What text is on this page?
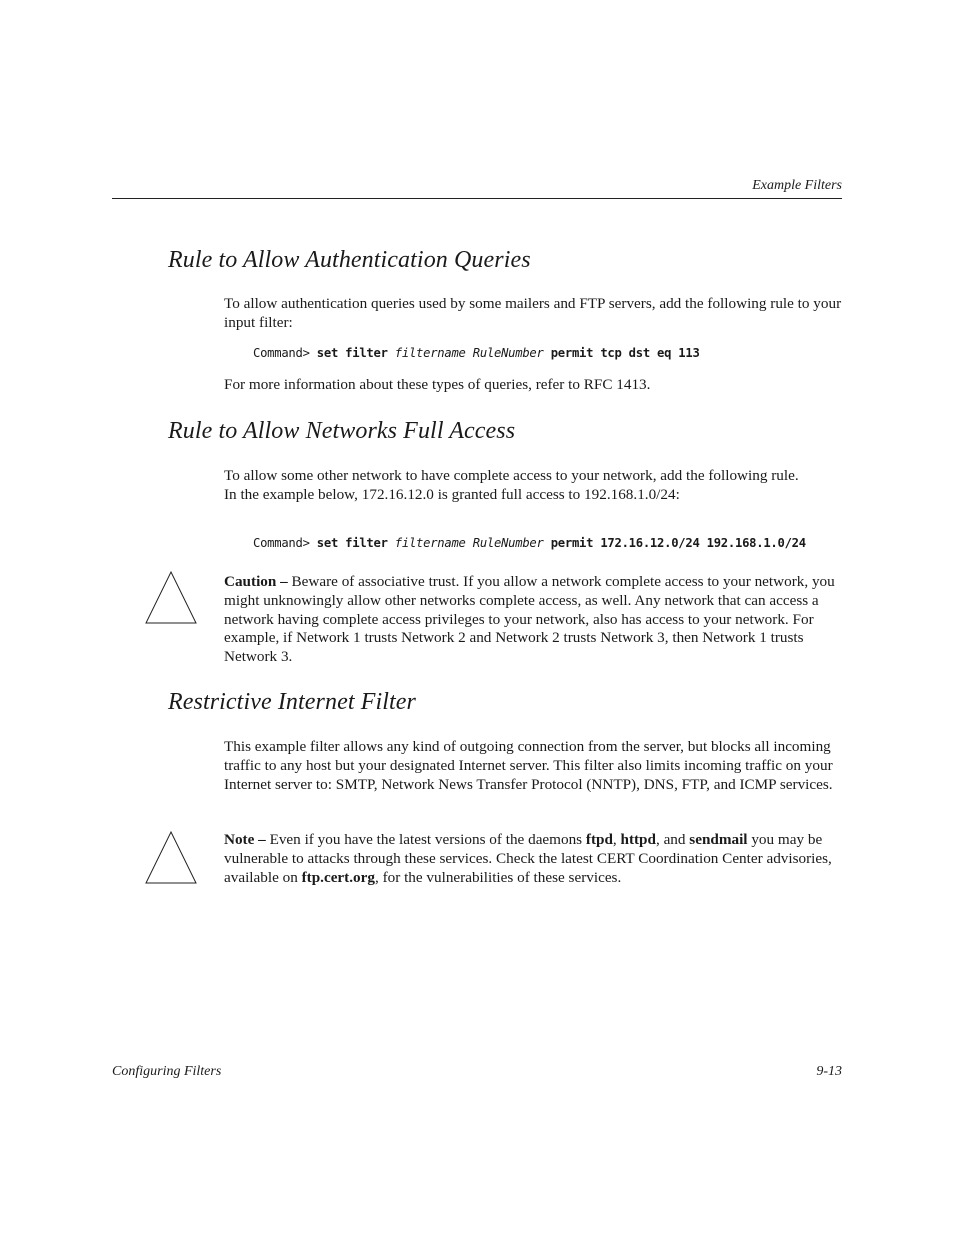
Example Filters
Rule to Allow Authentication Queries

To allow authentication queries used by some mailers and FTP servers, add the following rule to your input filter:

Command> set filter filtername RuleNumber permit tcp dst eq 113

For more information about these types of queries, refer to RFC 1413.

Rule to Allow Networks Full Access

To allow some other network to have complete access to your network, add the following rule. In the example below, 172.16.12.0 is granted full access to 192.168.1.0/24:

Command> set filter filtername RuleNumber permit 172.16.12.0/24 192.168.1.0/24

Caution – Beware of associative trust. If you allow a network complete access to your network, you might unknowingly allow other networks complete access, as well. Any network that can access a network having complete access privileges to your network, also has access to your network. For example, if Network 1 trusts Network 2 and Network 2 trusts Network 3, then Network 1 trusts Network 3.

Restrictive Internet Filter

This example filter allows any kind of outgoing connection from the server, but blocks all incoming traffic to any host but your designated Internet server. This filter also limits incoming traffic on your Internet server to: SMTP, Network News Transfer Protocol (NNTP), DNS, FTP, and ICMP services.

Note – Even if you have the latest versions of the daemons ftpd, httpd, and sendmail you may be vulnerable to attacks through these services. Check the latest CERT Coordination Center advisories, available on ftp.cert.org, for the vulnerabilities of these services.

Configuring Filters	9-13
